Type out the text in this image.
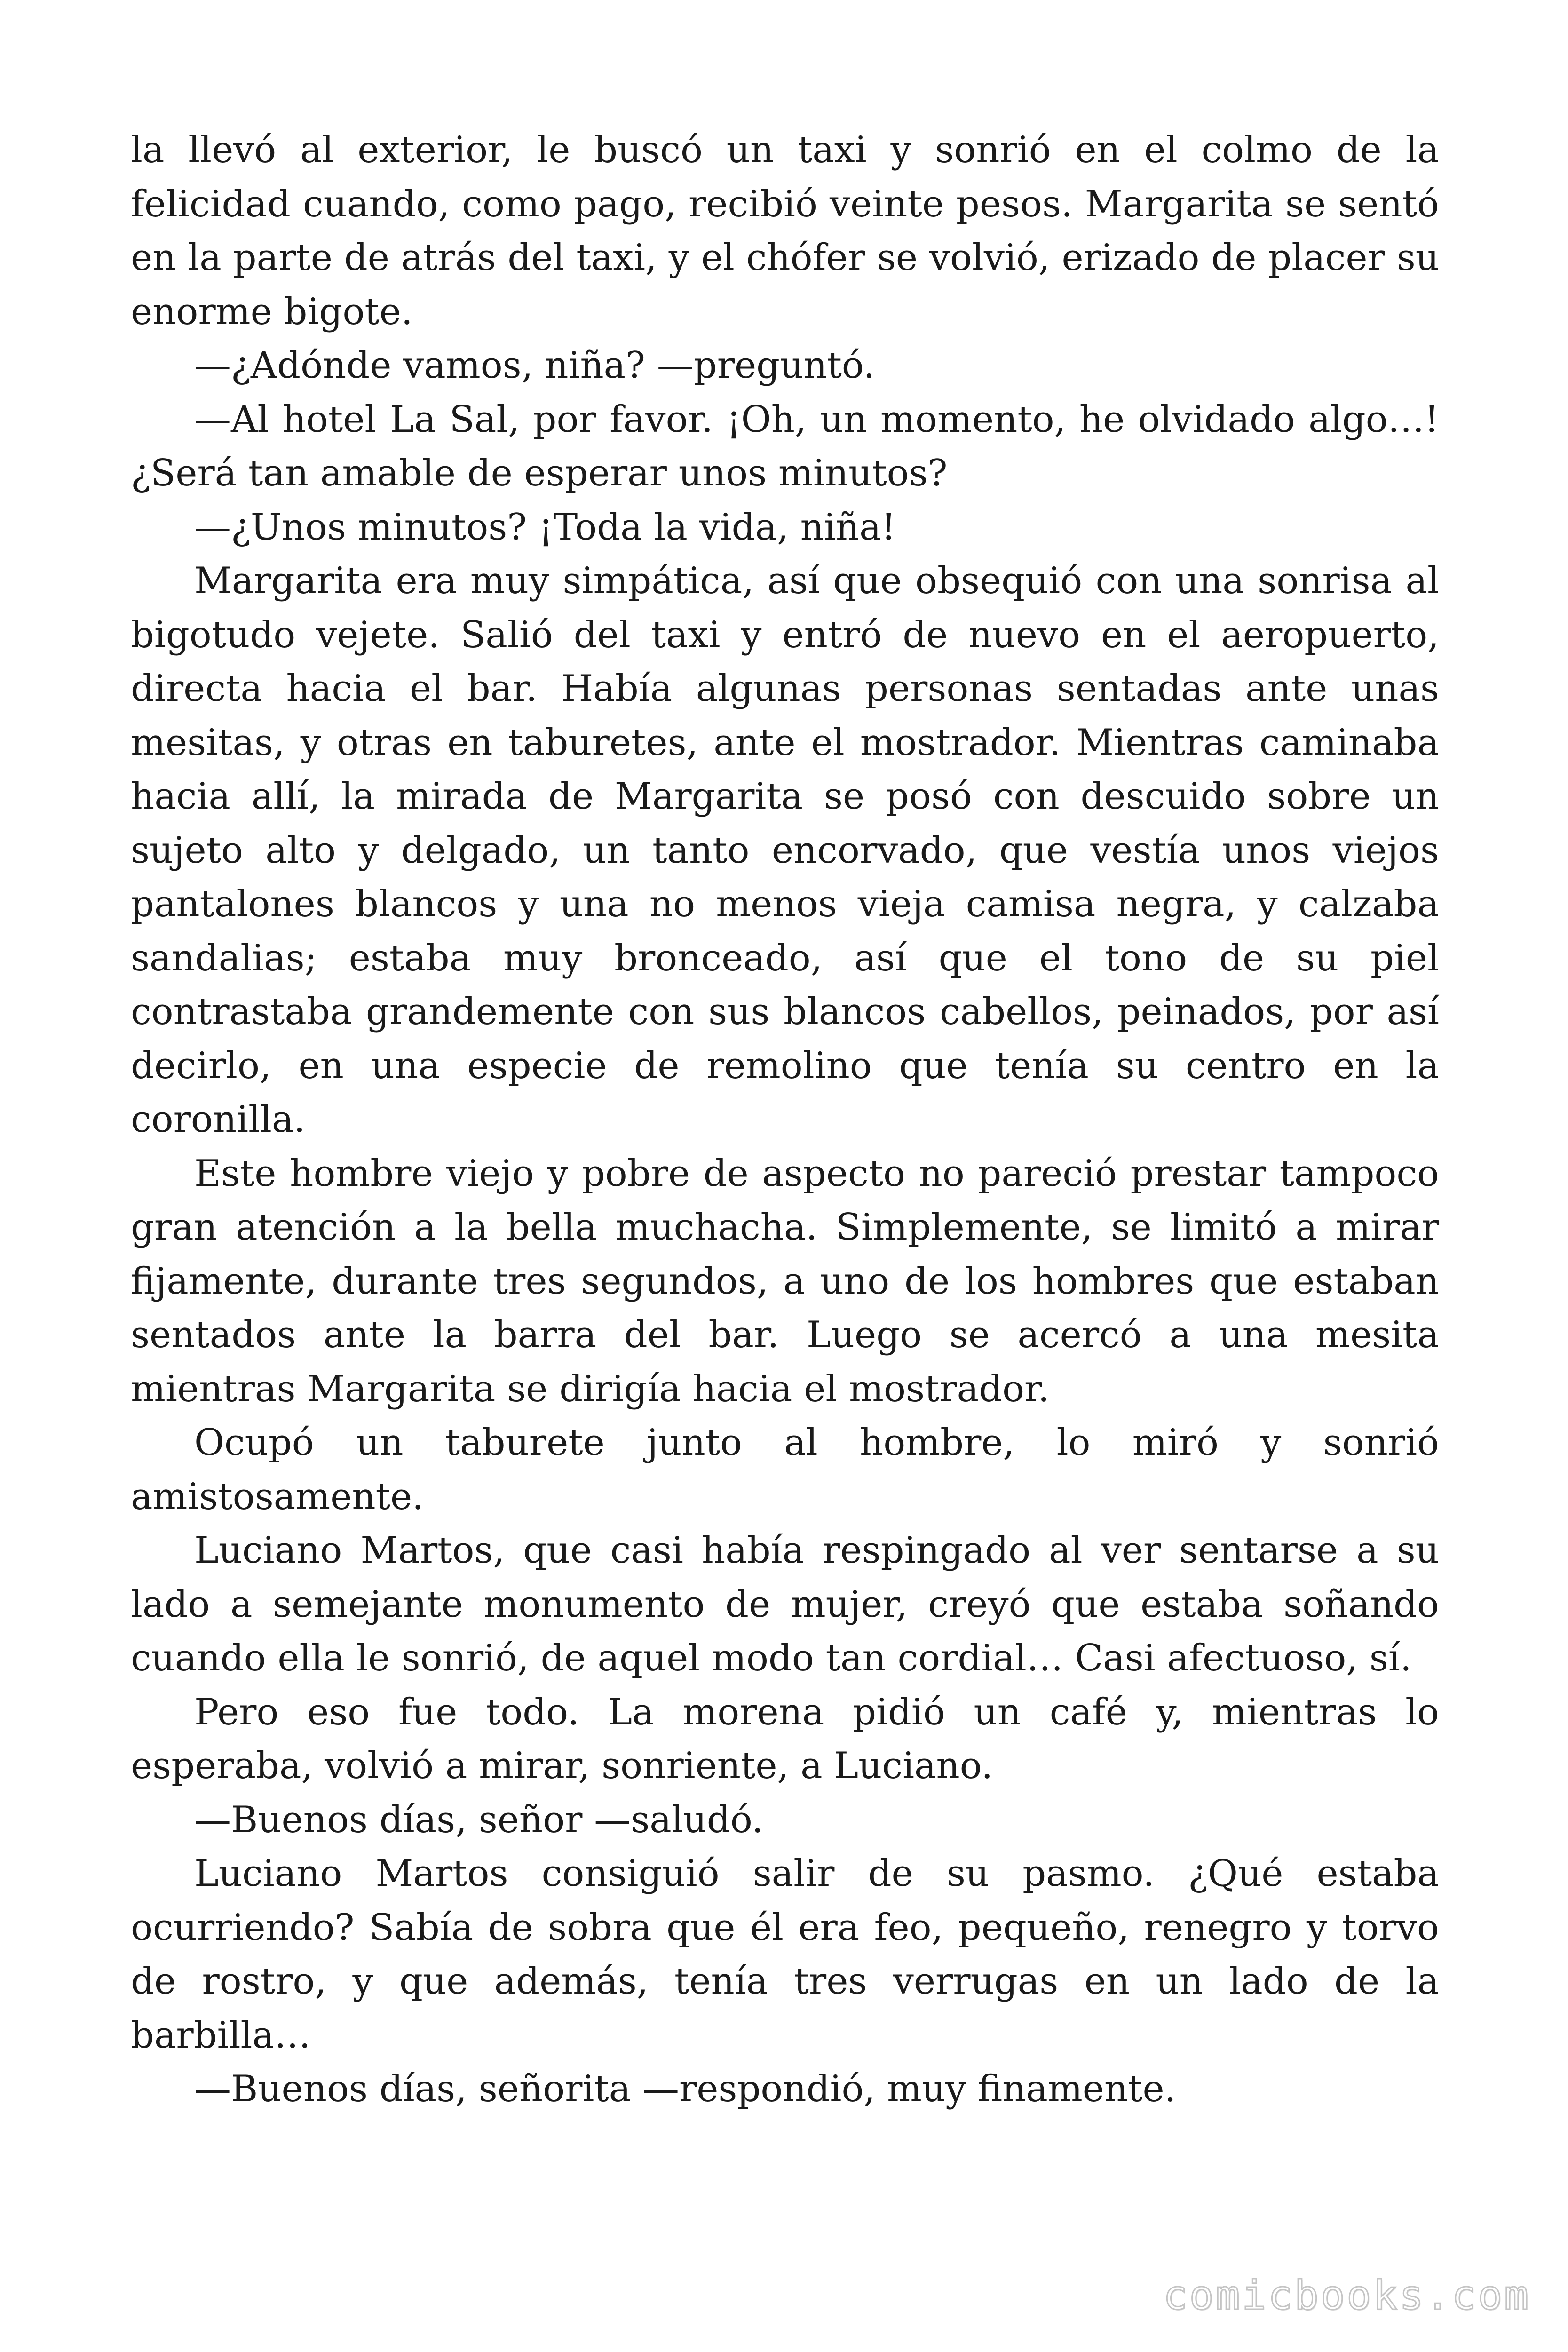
la llevó al exterior, le buscó un taxi y sonrió en el colmo de la felicidad cuando, como pago, recibió veinte pesos. Margarita se sentó en la parte de atrás del taxi, y el chófer se volvió, erizado de placer su enorme bigote.

—¿Adónde vamos, niña? —preguntó.

—Al hotel La Sal, por favor. ¡Oh, un momento, he olvidado algo…! ¿Será tan amable de esperar unos minutos?

—¿Unos minutos? ¡Toda la vida, niña!

Margarita era muy simpática, así que obsequió con una sonrisa al bigotudo vejete. Salió del taxi y entró de nuevo en el aeropuerto, directa hacia el bar. Había algunas personas sentadas ante unas mesitas, y otras en taburetes, ante el mostrador. Mientras caminaba hacia allí, la mirada de Margarita se posó con descuido sobre un sujeto alto y delgado, un tanto encorvado, que vestía unos viejos pantalones blancos y una no menos vieja camisa negra, y calzaba sandalias; estaba muy bronceado, así que el tono de su piel contrastaba grandemente con sus blancos cabellos, peinados, por así decirlo, en una especie de remolino que tenía su centro en la coronilla.

Este hombre viejo y pobre de aspecto no pareció prestar tampoco gran atención a la bella muchacha. Simplemente, se limitó a mirar fijamente, durante tres segundos, a uno de los hombres que estaban sentados ante la barra del bar. Luego se acercó a una mesita mientras Margarita se dirigía hacia el mostrador.

Ocupó un taburete junto al hombre, lo miró y sonrió amistosamente.

Luciano Martos, que casi había respingado al ver sentarse a su lado a semejante monumento de mujer, creyó que estaba soñando cuando ella le sonrió, de aquel modo tan cordial… Casi afectuoso, sí.

Pero eso fue todo. La morena pidió un café y, mientras lo esperaba, volvió a mirar, sonriente, a Luciano.

—Buenos días, señor —saludó.

Luciano Martos consiguió salir de su pasmo. ¿Qué estaba ocurriendo? Sabía de sobra que él era feo, pequeño, renegro y torvo de rostro, y que además, tenía tres verrugas en un lado de la barbilla…

—Buenos días, señorita —respondió, muy finamente.

comicbooks.com
